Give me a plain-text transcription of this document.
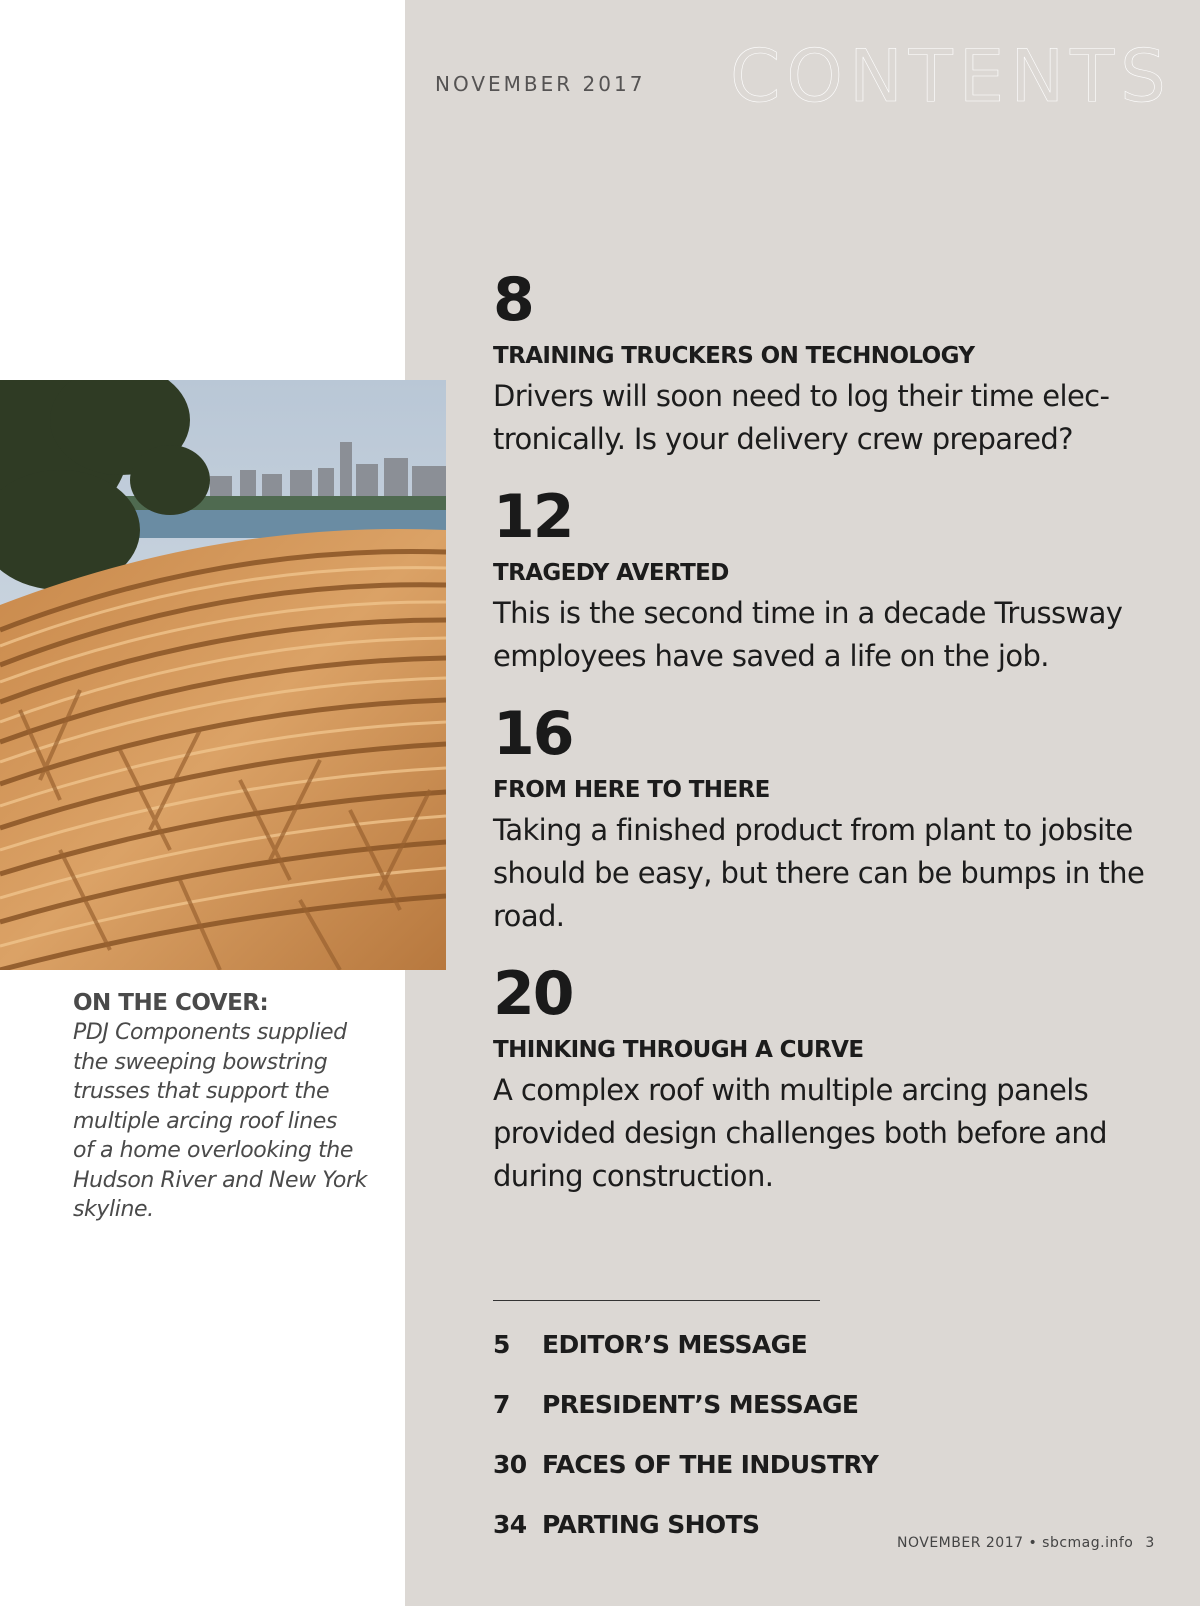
NOVEMBER 2017 CONTENTS
8
TRAINING TRUCKERS ON TECHNOLOGY
Drivers will soon need to log their time elec-
tronically. Is your delivery crew prepared?
12
TRAGEDY AVERTED
This is the second time in a decade Trussway
employees have saved a life on the job.
16
FROM HERE TO THERE
Taking a finished product from plant to jobsite
should be easy, but there can be bumps in the
road.
20
THINKING THROUGH A CURVE
A complex roof with multiple arcing panels
provided design challenges both before and
during construction.
5 EDITOR’S MESSAGE
7 PRESIDENT’S MESSAGE
30 FACES OF THE INDUSTRY
34 PARTING SHOTS
NOVEMBER 2017 • sbcmag.info 3
ON THE COVER:
PDJ Components supplied
the sweeping bowstring
trusses that support the
multiple arcing roof lines
of a home overlooking the
Hudson River and New York
skyline.
